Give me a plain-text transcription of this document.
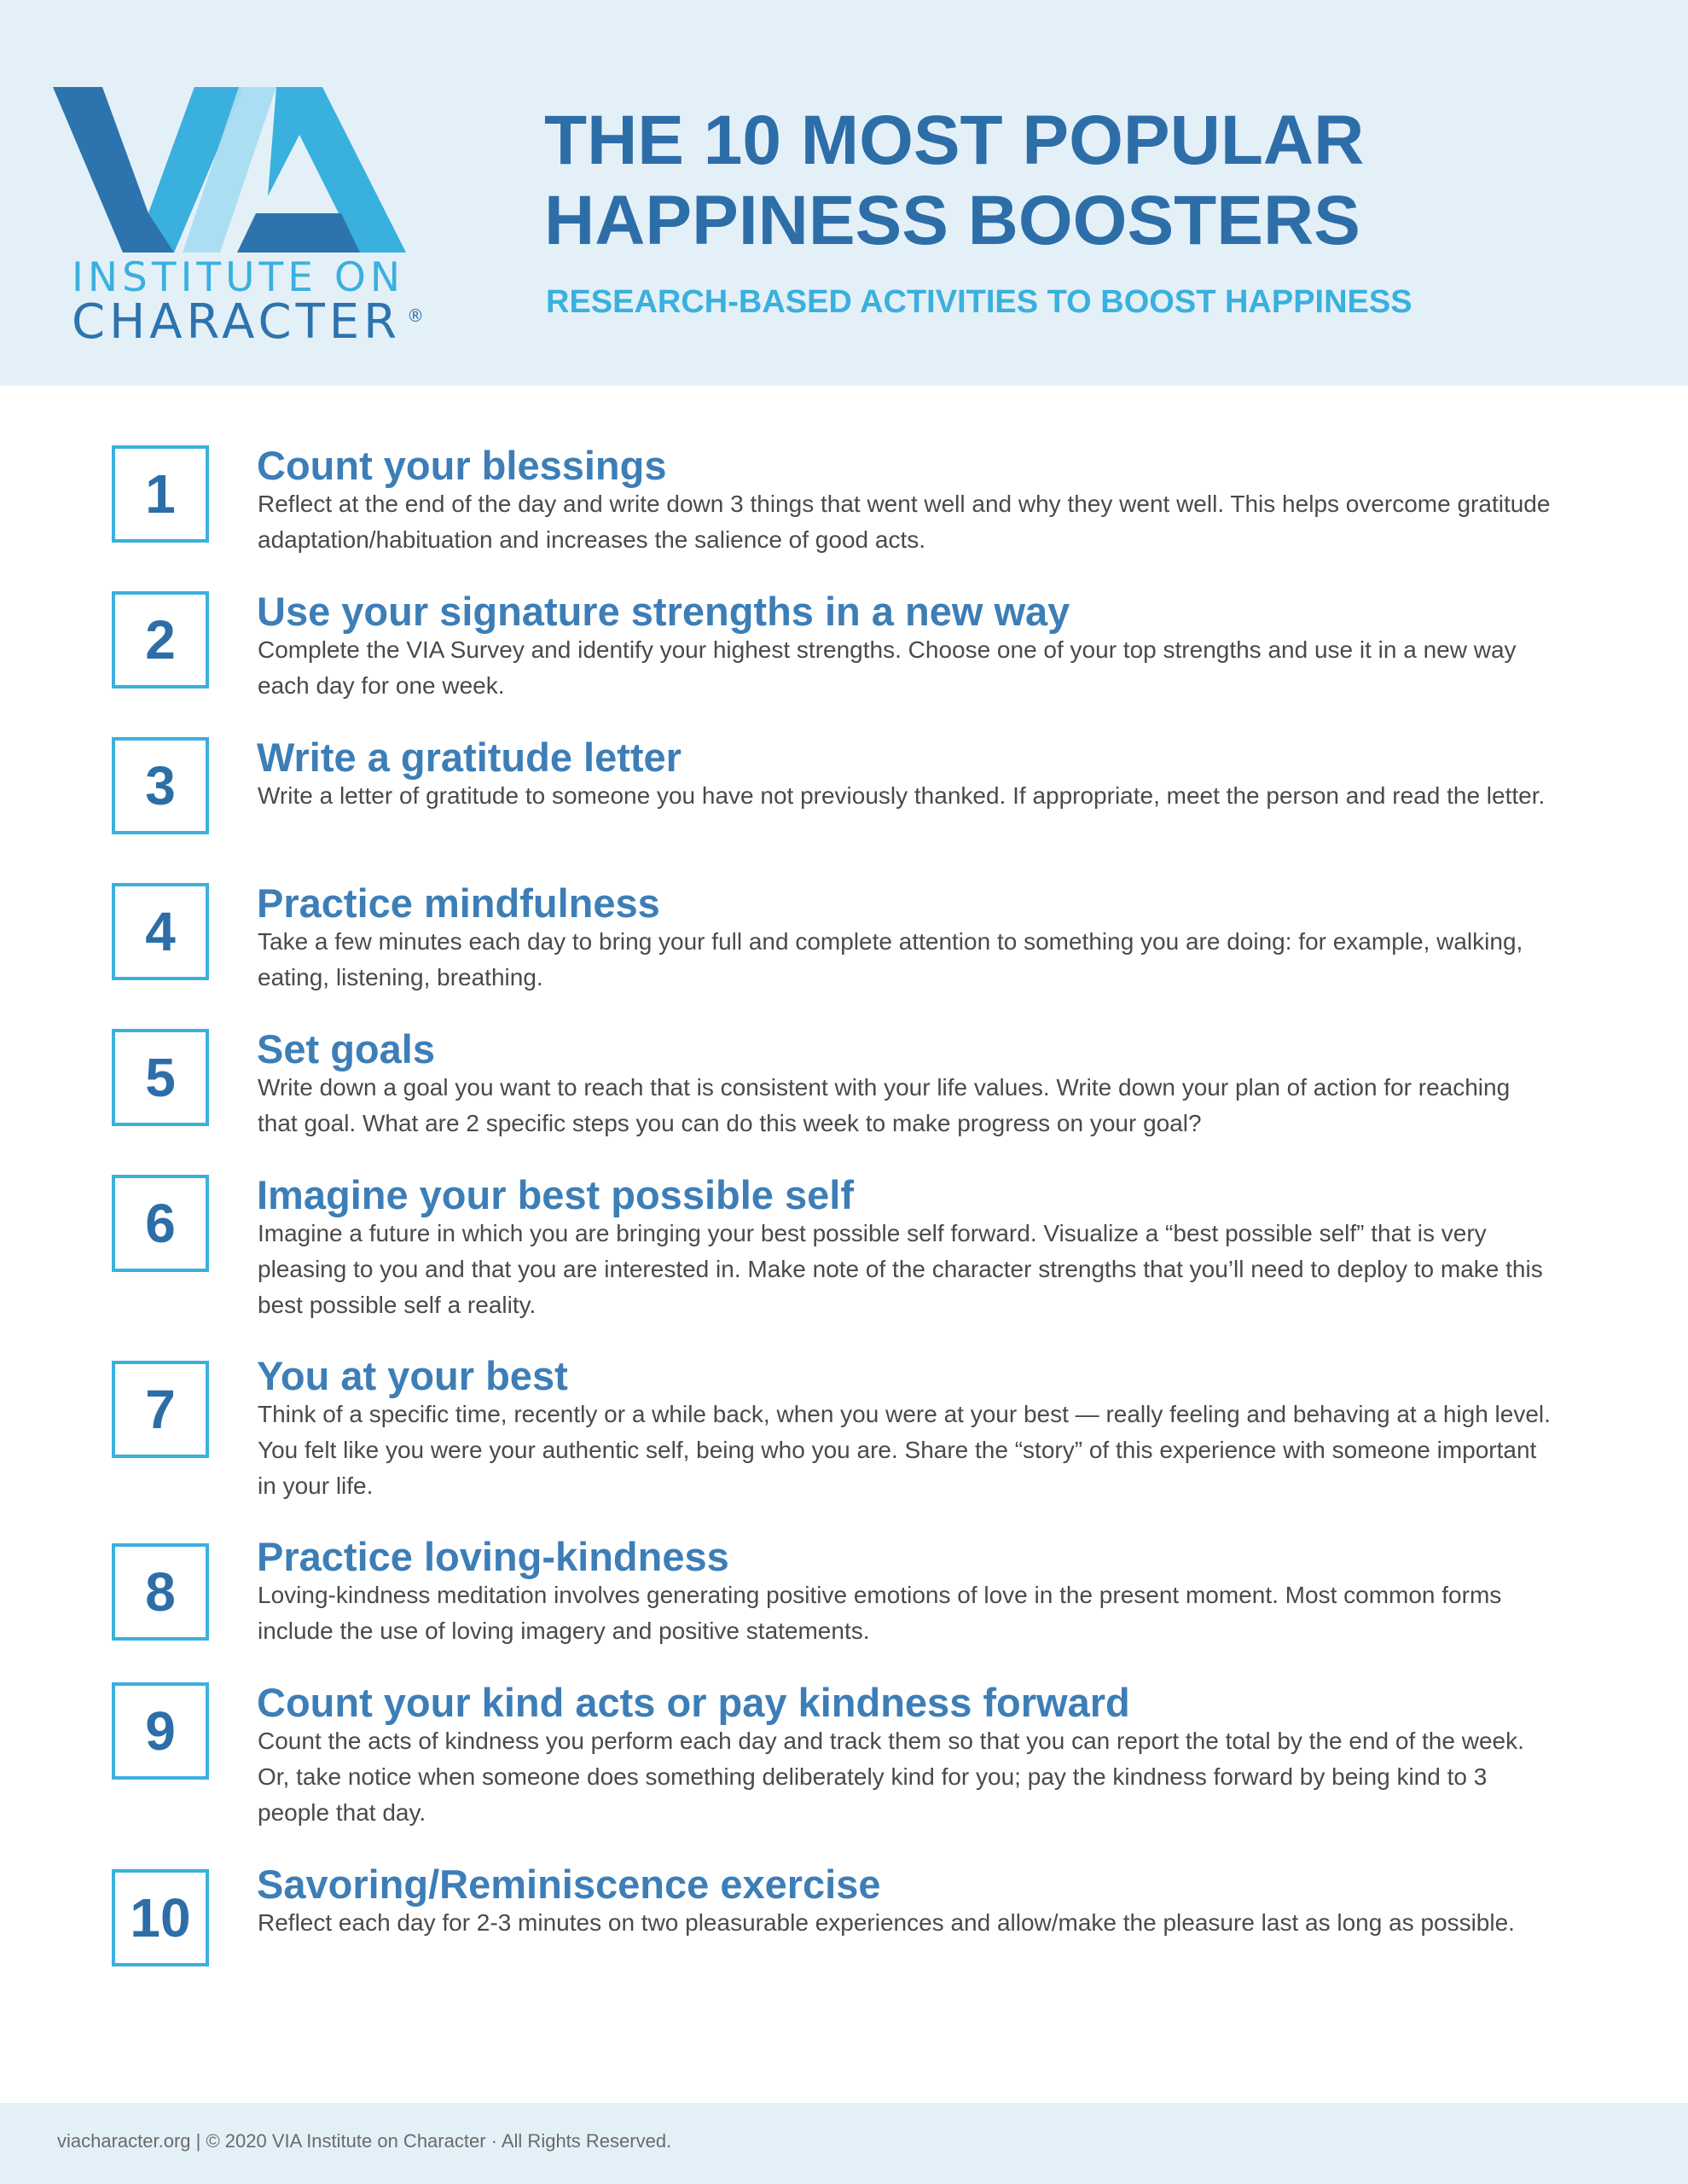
INSTITUTE ON
CHARACTER ®
THE 10 MOST POPULAR HAPPINESS BOOSTERS
RESEARCH-BASED ACTIVITIES TO BOOST HAPPINESS
1	Count your blessings
Reflect at the end of the day and write down 3 things that went well and why they went well. This helps overcome gratitude adaptation/habituation and increases the salience of good acts.
2	Use your signature strengths in a new way
Complete the VIA Survey and identify your highest strengths. Choose one of your top strengths and use it in a new way each day for one week.
3	Write a gratitude letter
Write a letter of gratitude to someone you have not previously thanked. If appropriate, meet the person and read the letter.
4	Practice mindfulness
Take a few minutes each day to bring your full and complete attention to something you are doing: for example, walking, eating, listening, breathing.
5	Set goals
Write down a goal you want to reach that is consistent with your life values. Write down your plan of action for reaching that goal. What are 2 specific steps you can do this week to make progress on your goal?
6	Imagine your best possible self
Imagine a future in which you are bringing your best possible self forward. Visualize a “best possible self” that is very pleasing to you and that you are interested in. Make note of the character strengths that you’ll need to deploy to make this best possible self a reality.
7
You at your best
Think of a specific time, recently or a while back, when you were at your best — really feeling and behaving at a high level. You felt like you were your authentic self, being who you are. Share the “story” of this experience with someone important in your life.
8
Practice loving-kindness
Loving-kindness meditation involves generating positive emotions of love in the present moment. Most common forms include the use of loving imagery and positive statements.
9	Count your kind acts or pay kindness forward
Count the acts of kindness you perform each day and track them so that you can report the total by the end of the week. Or, take notice when someone does something deliberately kind for you; pay the kindness forward by being kind to 3 people that day.
10
Savoring/Reminiscence exercise
Reflect each day for 2-3 minutes on two pleasurable experiences and allow/make the pleasure last as long as possible.
viacharacter.org | © 2020 VIA Institute on Character · All Rights Reserved.
